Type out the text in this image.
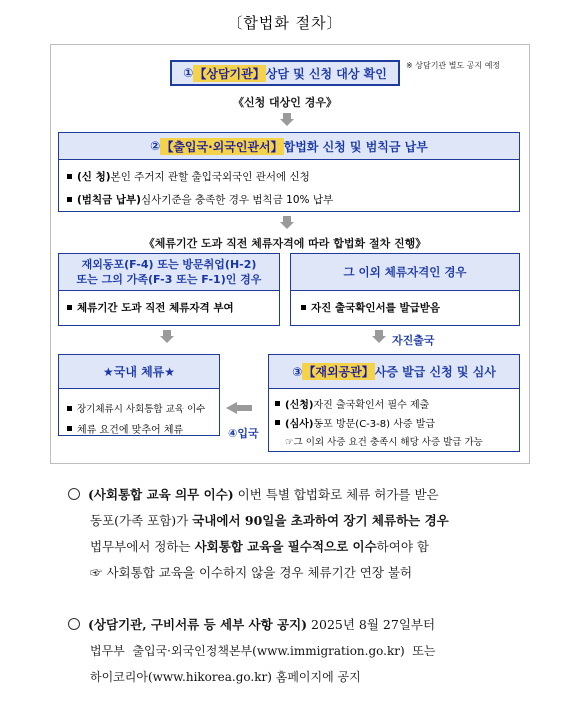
〔합법화 절차〕
※ 상담기관 별도 공지 예정
① 【상담기관】 상담 및 신청 대상 확인
《신청 대상인 경우》
② 【출입국·외국인관서】 합법화 신청 및 범칙금 납부
(신 청) 본인 주거지 관할 출입국외국인 관서에 신청
(범칙금 납부) 심사기준을 충족한 경우 범칙금 10% 납부
《체류기간 도과 직전 체류자격에 따라 합법화 절차 진행》
재외동포(F-4) 또는 방문취업(H-2)
또는 그의 가족(F-3 또는 F-1)인 경우
체류기간 도과 직전 체류자격 부여
그 이외 체류자격인 경우
자진 출국확인서를 발급받음
자진출국
★국내 체류★
장기체류시 사회통합 교육 이수
체류 요건에 맞추어 체류	④입국
③ 【재외공관】 사증 발급 신청 및 심사
(신청) 자진 출국확인서 필수 제출
(심사) 동포 방문(C-3-8) 사증 발급
☞그 이외 사증 요건 충족시 해당 사증 발급 가능
(사회통합 교육 의무 이수) 이번 특별 합법화로 체류 허가를 받은
동포(가족 포함)가 국내에서 90일을 초과하여 장기 체류하는 경우
법무부에서 정하는 사회통합 교육을 필수적으로 이수하여야 함
☞ 사회통합 교육을 이수하지 않을 경우 체류기간 연장 불허
(상담기관, 구비서류 등 세부 사항 공지) 2025년 8월 27일부터
법무부  출입국·외국인정책본부(www.immigration.go.kr)  또는
하이코리아(www.hikorea.go.kr) 홈페이지에 공지
